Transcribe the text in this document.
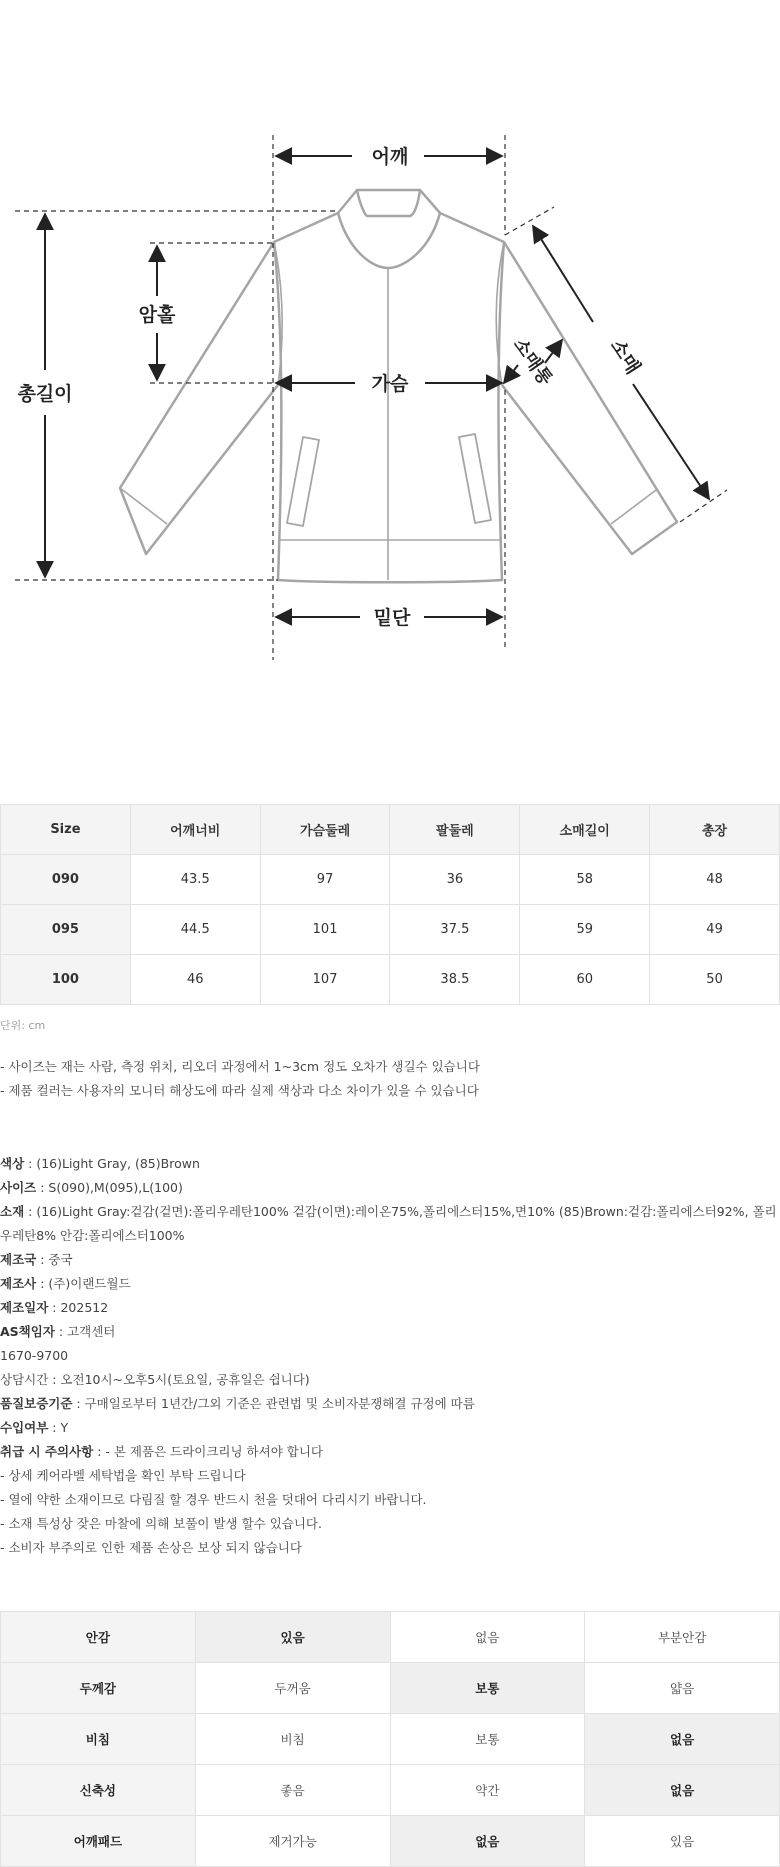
어깨
총길이
암홀
가슴
밑단
소매통	소매
Size	어깨너비	가슴둘레	팔둘레	소매길이	총장
090	43.5	97	36	58	48
095	44.5	101	37.5	59	49
100	46	107	38.5	60	50
단위: cm

- 사이즈는 재는 사람, 측정 위치, 리오더 과정에서 1~3cm 정도 오차가 생길수 있습니다

- 제품 컬러는 사용자의 모니터 해상도에 따라 실제 색상과 다소 차이가 있을 수 있습니다

색상 : (16)Light Gray, (85)Brown
사이즈 : S(090),M(095),L(100)
소재 : (16)Light Gray:겉감(겉면):폴리우레탄100% 겉감(이면):레이온75%,폴리에스터15%,면10% (85)Brown:겉감:폴리에스터92%, 폴리우레탄8% 안감:폴리에스터100%
제조국 : 중국
제조사 : (주)이랜드월드
제조일자 : 202512
AS책임자 : 고객센터
1670-9700
상담시간 : 오전10시~오후5시(토요일, 공휴일은 쉽니다)
품질보증기준 : 구매일로부터 1년간/그외 기준은 관련법 및 소비자분쟁해결 규정에 따름
수입여부 : Y
취급 시 주의사항 : - 본 제품은 드라이크리닝 하셔야 합니다
- 상세 케어라벨 세탁법을 확인 부탁 드립니다
- 열에 약한 소재이므로 다림질 할 경우 반드시 천을 덧대어 다리시기 바랍니다.
- 소재 특성상 잦은 마찰에 의해 보풀이 발생 할수 있습니다.
- 소비자 부주의로 인한 제품 손상은 보상 되지 않습니다
안감	있음	없음	부분안감
두께감	두꺼움	보통	얇음
비침	비침	보통	없음
신축성	좋음	약간	없음
어깨패드	제거가능	없음	있음
